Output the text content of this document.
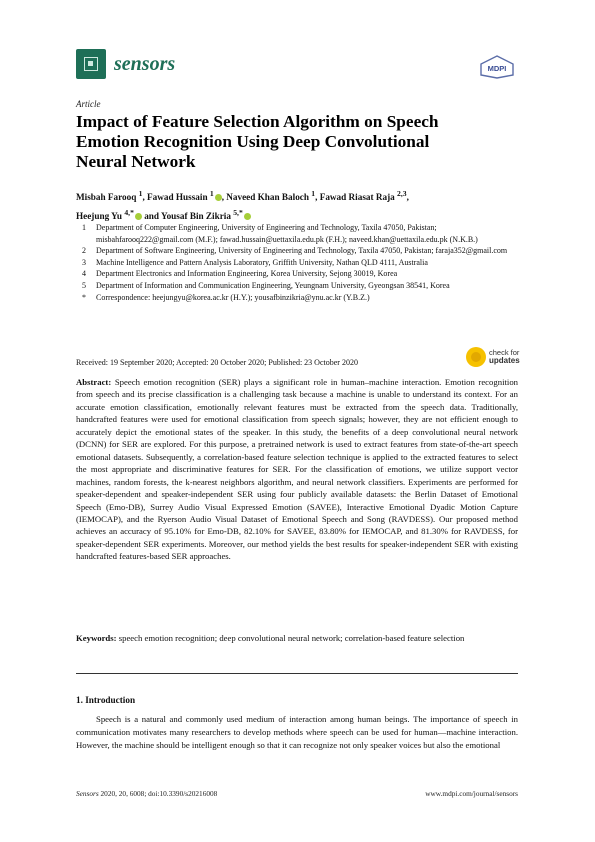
sensors	MDPI
Article
Impact of Feature Selection Algorithm on Speech
Emotion Recognition Using Deep Convolutional
Neural Network
Misbah Farooq $^1$, Fawad Hussain $^1$ , Naveed Khan Baloch $^1$, Fawad Riasat Raja $^{2,3}$,
Heejung Yu $^{4,*}$ and Yousaf Bin Zikria $^{5,*}$
1	Department of Computer Engineering, University of Engineering and Technology, Taxila 47050, Pakistan; misbahfarooq222@gmail.com (M.F.); fawad.hussain@uettaxila.edu.pk (F.H.); naveed.khan@uettaxila.edu.pk (N.K.B.)
2	Department of Software Engineering, University of Engineering and Technology, Taxila 47050, Pakistan; faraja352@gmail.com
3	Machine Intelligence and Pattern Analysis Laboratory, Griffith University, Nathan QLD 4111, Australia
4	Department Electronics and Information Engineering, Korea University, Sejong 30019, Korea
5	Department of Information and Communication Engineering, Yeungnam University, Gyeongsan 38541, Korea
*	Correspondence: heejungyu@korea.ac.kr (H.Y.); yousafbinzikria@ynu.ac.kr (Y.B.Z.)
Received: 19 September 2020; Accepted: 20 October 2020; Published: 23 October 2020
check for
updates

Abstract: Speech emotion recognition (SER) plays a significant role in human–machine interaction. Emotion recognition from speech and its precise classification is a challenging task because a machine is unable to understand its context. For an accurate emotion classification, emotionally relevant features must be extracted from the speech data. Traditionally, handcrafted features were used for emotional classification from speech signals; however, they are not efficient enough to accurately depict the emotional states of the speaker. In this study, the benefits of a deep convolutional neural network (DCNN) for SER are explored. For this purpose, a pretrained network is used to extract features from state-of-the-art speech emotional datasets. Subsequently, a correlation-based feature selection technique is applied to the extracted features to select the most appropriate and discriminative features for SER. For the classification of emotions, we utilize support vector machines, random forests, the k-nearest neighbors algorithm, and neural network classifiers. Experiments are performed for speaker-dependent and speaker-independent SER using four publicly available datasets: the Berlin Dataset of Emotional Speech (Emo-DB), Surrey Audio Visual Expressed Emotion (SAVEE), Interactive Emotional Dyadic Motion Capture (IEMOCAP), and the Ryerson Audio Visual Dataset of Emotional Speech and Song (RAVDESS). Our proposed method achieves an accuracy of 95.10% for Emo-DB, 82.10% for SAVEE, 83.80% for IEMOCAP, and 81.30% for RAVDESS, for speaker-dependent SER experiments. Moreover, our method yields the best results for speaker-independent SER with existing handcrafted features-based SER approaches.

Keywords: speech emotion recognition; deep convolutional neural network; correlation-based feature selection

1. Introduction

Speech is a natural and commonly used medium of interaction among human beings. The importance of speech in communication motivates many researchers to develop methods where speech can be used for human—machine interaction. However, the machine should be intelligent enough so that it can recognize not only speaker voices but also the emotional

Sensors 2020, 20, 6008; doi:10.3390/s20216008	www.mdpi.com/journal/sensors
